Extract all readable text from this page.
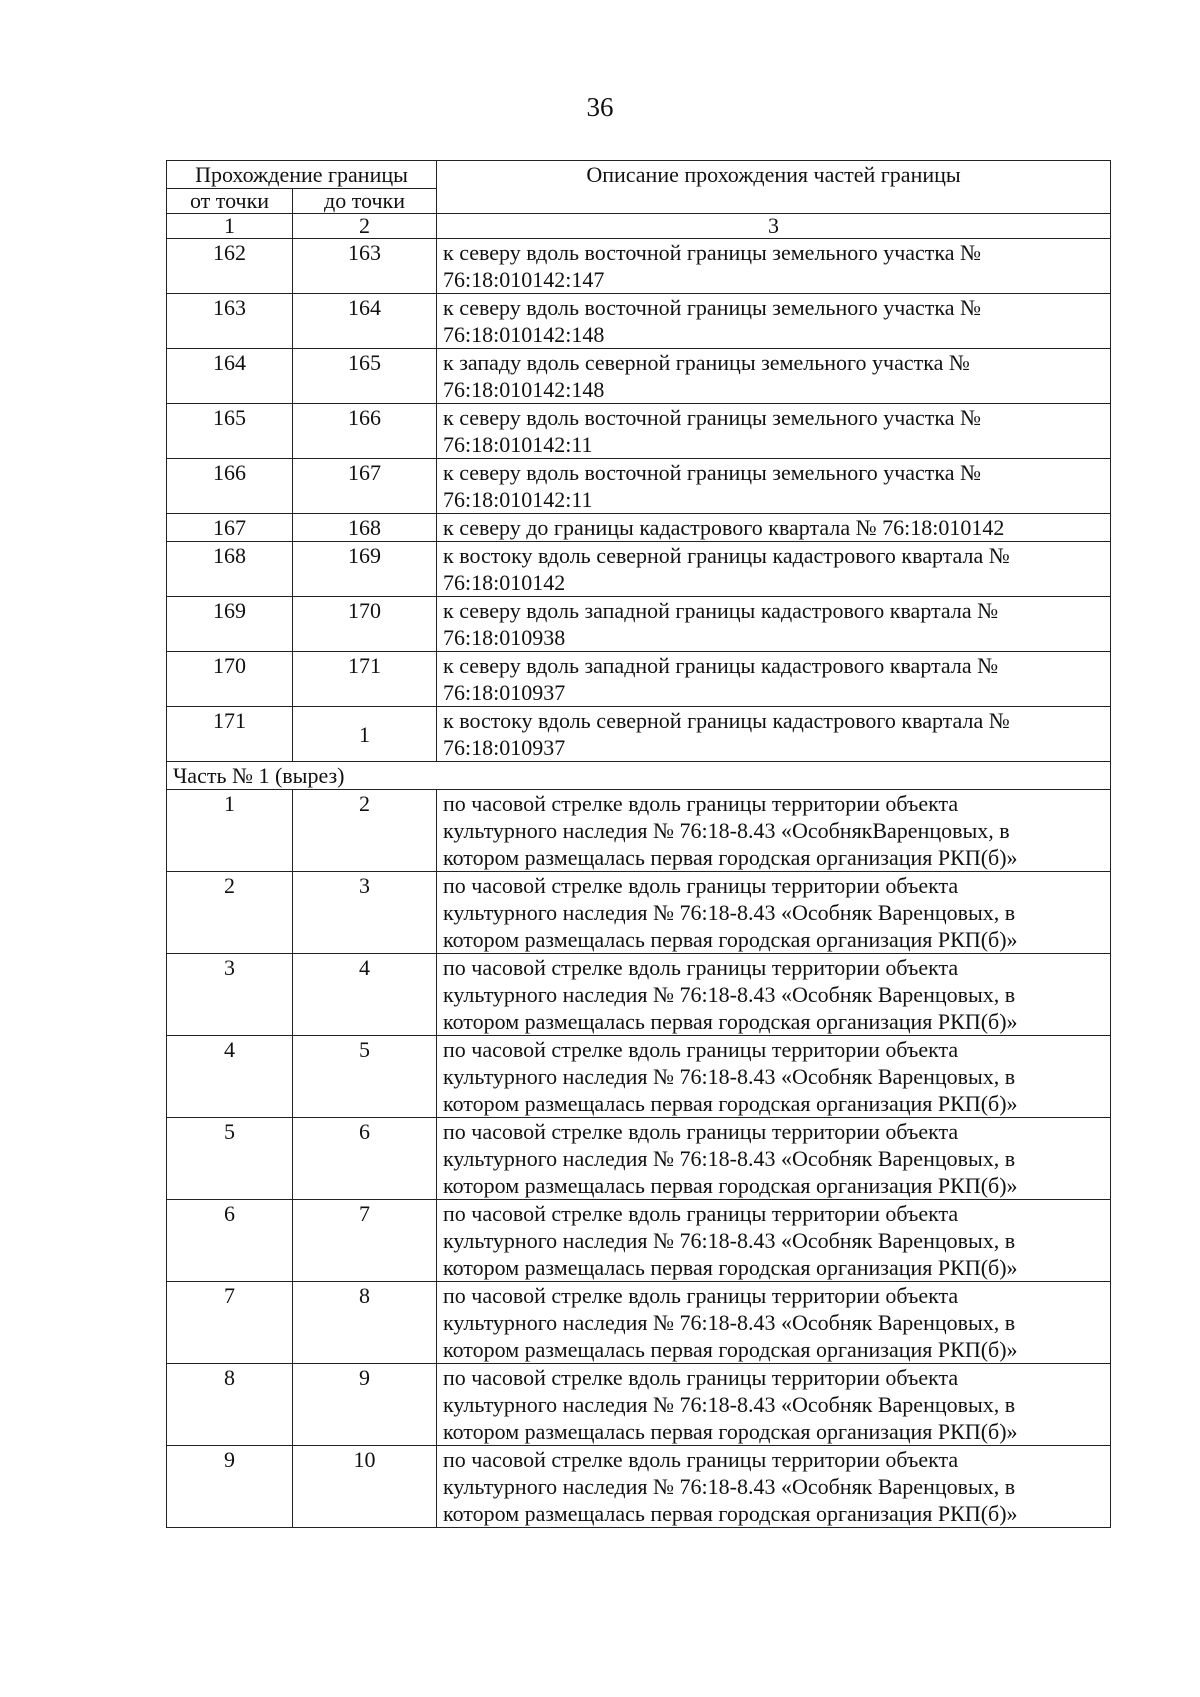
36
Прохождение границы		Описание прохождения частей границы
от точки	до точки	
1	2	3
162	163	к северу вдоль восточной границы земельного участка №
76:18:010142:147

163	164	к северу вдоль восточной границы земельного участка №
76:18:010142:148

164	165	к западу вдоль северной границы земельного участка №
76:18:010142:148

165	166	к северу вдоль восточной границы земельного участка №
76:18:010142:11

166	167	к северу вдоль восточной границы земельного участка №
76:18:010142:11

167	168	к северу до границы кадастрового квартала № 76:18:010142

168	169	к востоку вдоль северной границы кадастрового квартала №
76:18:010142

169	170	к северу вдоль западной границы кадастрового квартала №
76:18:010938

170	171	к северу вдоль западной границы кадастрового квартала №
76:18:010937

171	1	к востоку вдоль северной границы кадастрового квартала №
76:18:010937

Часть № 1 (вырез)		
1	2	по часовой стрелке вдоль границы территории объекта
культурного наследия № 76:18-8.43 «ОсобнякВаренцовых, в
котором размещалась первая городская организация РКП(б)»

2	3	по часовой стрелке вдоль границы территории объекта
культурного наследия № 76:18-8.43 «Особняк Варенцовых, в
котором размещалась первая городская организация РКП(б)»

3	4	по часовой стрелке вдоль границы территории объекта
культурного наследия № 76:18-8.43 «Особняк Варенцовых, в
котором размещалась первая городская организация РКП(б)»

4	5	по часовой стрелке вдоль границы территории объекта
культурного наследия № 76:18-8.43 «Особняк Варенцовых, в
котором размещалась первая городская организация РКП(б)»

5	6	по часовой стрелке вдоль границы территории объекта
культурного наследия № 76:18-8.43 «Особняк Варенцовых, в
котором размещалась первая городская организация РКП(б)»

6	7	по часовой стрелке вдоль границы территории объекта
культурного наследия № 76:18-8.43 «Особняк Варенцовых, в
котором размещалась первая городская организация РКП(б)»

7	8	по часовой стрелке вдоль границы территории объекта
культурного наследия № 76:18-8.43 «Особняк Варенцовых, в
котором размещалась первая городская организация РКП(б)»

8	9	по часовой стрелке вдоль границы территории объекта
культурного наследия № 76:18-8.43 «Особняк Варенцовых, в
котором размещалась первая городская организация РКП(б)»

9	10	по часовой стрелке вдоль границы территории объекта
культурного наследия № 76:18-8.43 «Особняк Варенцовых, в
котором размещалась первая городская организация РКП(б)»
